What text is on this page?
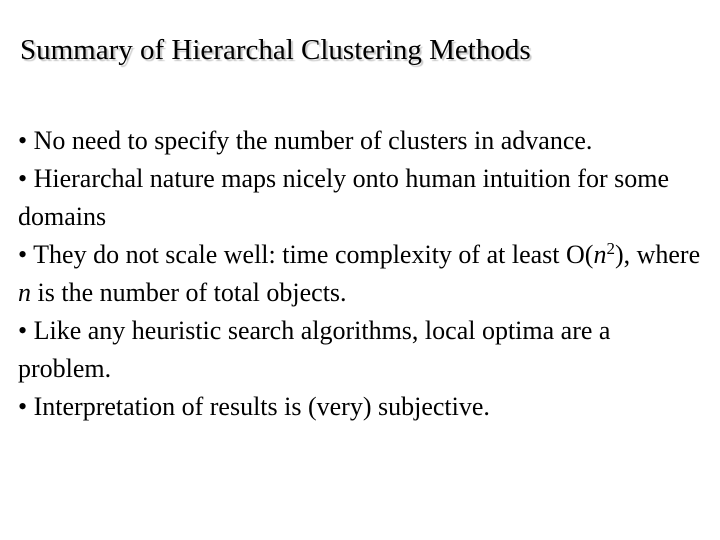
Summary of Hierarchal Clustering Methods
• No need to specify the number of clusters in advance.
• Hierarchal nature maps nicely onto human intuition for some domains
• They do not scale well: time complexity of at least $O(n^2)$, where n is the number of total objects.
• Like any heuristic search algorithms, local optima are a problem.
• Interpretation of results is (very) subjective.
